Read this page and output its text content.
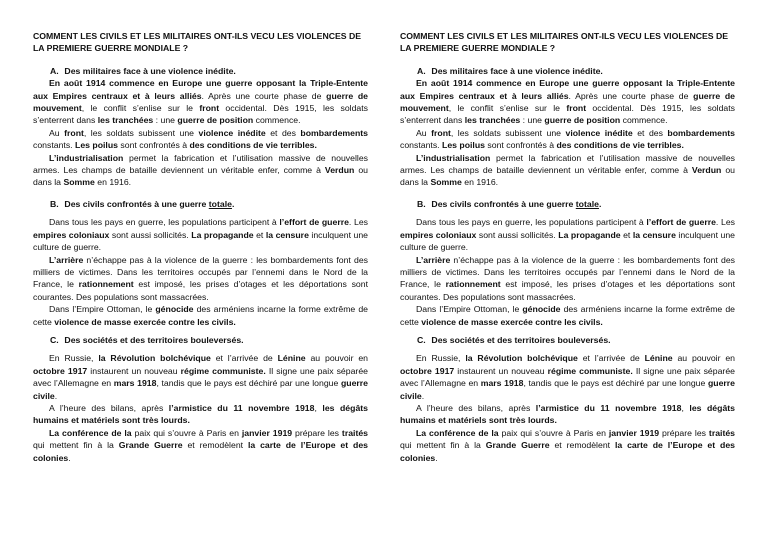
COMMENT LES CIVILS ET LES MILITAIRES ONT-ILS VECU LES VIOLENCES DE LA PREMIERE GUERRE MONDIALE ?
A. Des militaires face à une violence inédite.

En août 1914 commence en Europe une guerre opposant la Triple-Entente aux Empires centraux et à leurs alliés. Après une courte phase de guerre de mouvement, le conflit s’enlise sur le front occidental. Dès 1915, les soldats s’enterrent dans les tranchées : une guerre de position commence.

Au front, les soldats subissent une violence inédite et des bombardements constants. Les poilus sont confrontés à des conditions de vie terribles.

L’industrialisation permet la fabrication et l’utilisation massive de nouvelles armes. Les champs de bataille deviennent un véritable enfer, comme à Verdun ou dans la Somme en 1916.

B. Des civils confrontés à une guerre totale.

Dans tous les pays en guerre, les populations participent à l’effort de guerre. Les empires coloniaux sont aussi sollicités. La propagande et la censure inculquent une culture de guerre.

L’arrière n’échappe pas à la violence de la guerre : les bombardements font des milliers de victimes. Dans les territoires occupés par l’ennemi dans le Nord de la France, le rationnement est imposé, les prises d’otages et les déportations sont courantes. Des populations sont massacrées.

Dans l’Empire Ottoman, le génocide des arméniens incarne la forme extrême de cette violence de masse exercée contre les civils.

C. Des sociétés et des territoires bouleversés.

En Russie, la Révolution bolchévique et l’arrivée de Lénine au pouvoir en octobre 1917 instaurent un nouveau régime communiste. Il signe une paix séparée avec l’Allemagne en mars 1918, tandis que le pays est déchiré par une longue guerre civile.

A l’heure des bilans, après l’armistice du 11 novembre 1918, les dégâts humains et matériels sont très lourds.

La conférence de la paix qui s’ouvre à Paris en janvier 1919 prépare les traités qui mettent fin à la Grande Guerre et remodèlent la carte de l’Europe et des colonies.

COMMENT LES CIVILS ET LES MILITAIRES ONT-ILS VECU LES VIOLENCES DE LA PREMIERE GUERRE MONDIALE ?
A. Des militaires face à une violence inédite.

En août 1914 commence en Europe une guerre opposant la Triple-Entente aux Empires centraux et à leurs alliés. Après une courte phase de guerre de mouvement, le conflit s’enlise sur le front occidental. Dès 1915, les soldats s’enterrent dans les tranchées : une guerre de position commence.

Au front, les soldats subissent une violence inédite et des bombardements constants. Les poilus sont confrontés à des conditions de vie terribles.

L’industrialisation permet la fabrication et l’utilisation massive de nouvelles armes. Les champs de bataille deviennent un véritable enfer, comme à Verdun ou dans la Somme en 1916.

B. Des civils confrontés à une guerre totale.

Dans tous les pays en guerre, les populations participent à l’effort de guerre. Les empires coloniaux sont aussi sollicités. La propagande et la censure inculquent une culture de guerre.

L’arrière n’échappe pas à la violence de la guerre : les bombardements font des milliers de victimes. Dans les territoires occupés par l’ennemi dans le Nord de la France, le rationnement est imposé, les prises d’otages et les déportations sont courantes. Des populations sont massacrées.

Dans l’Empire Ottoman, le génocide des arméniens incarne la forme extrême de cette violence de masse exercée contre les civils.

C. Des sociétés et des territoires bouleversés.

En Russie, la Révolution bolchévique et l’arrivée de Lénine au pouvoir en octobre 1917 instaurent un nouveau régime communiste. Il signe une paix séparée avec l’Allemagne en mars 1918, tandis que le pays est déchiré par une longue guerre civile.

A l’heure des bilans, après l’armistice du 11 novembre 1918, les dégâts humains et matériels sont très lourds.

La conférence de la paix qui s’ouvre à Paris en janvier 1919 prépare les traités qui mettent fin à la Grande Guerre et remodèlent la carte de l’Europe et des colonies.
